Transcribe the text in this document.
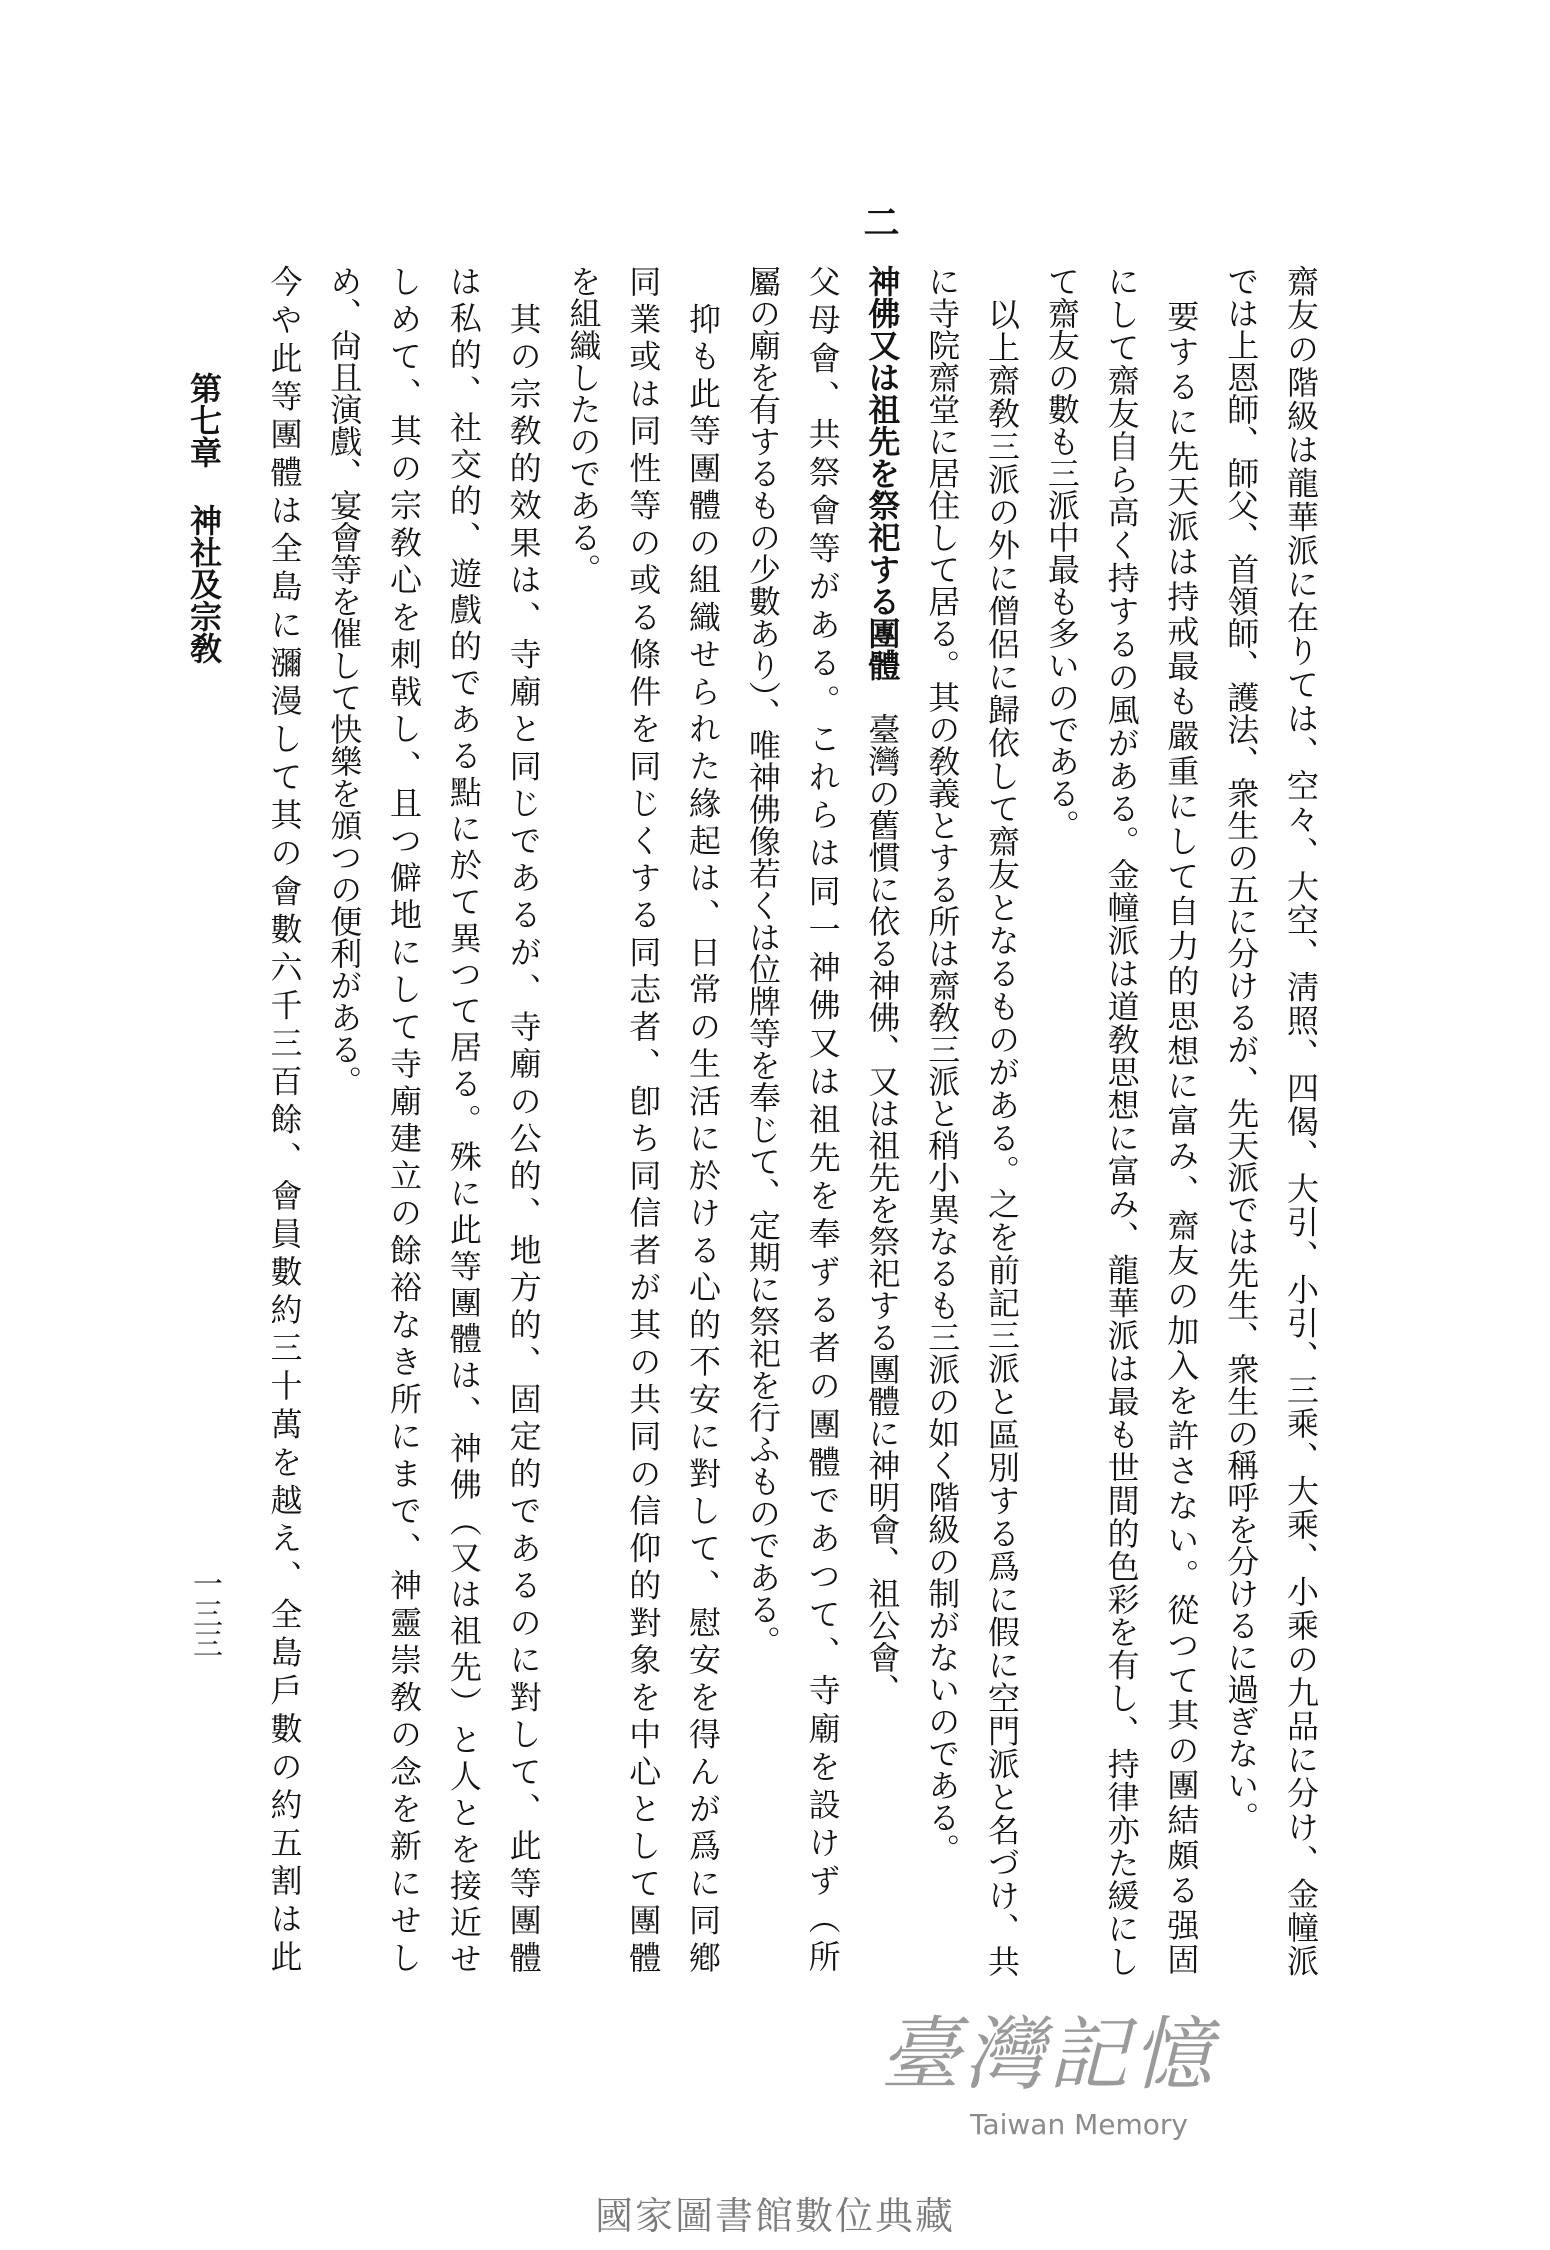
齋友の階級は龍華派に在りては、空々、大空、淸照、四偈、大引、小引、三乘、大乘、小乘の九品に分け、金幢派
では上恩師、師父、首領師、護法、衆生の五に分けるが、先天派では先生、衆生の稱呼を分けるに過ぎない。
　要するに先天派は持戒最も嚴重にして自力的思想に富み、齋友の加入を許さない。從つて其の團結頗る强固
にして齋友自ら高く持するの風がある。金幢派は道敎思想に富み、龍華派は最も世間的色彩を有し、持律亦た緩にし
て齋友の數も三派中最も多いのである。
　以上齋敎三派の外に僧侶に歸依して齋友となるものがある。之を前記三派と區別する爲に假に空門派と名づけ、共
に寺院齋堂に居住して居る。其の敎義とする所は齋敎三派と稍小異なるも三派の如く階級の制がないのである。
二
神佛又は祖先を祭祀する團體　臺灣の舊慣に依る神佛、又は祖先を祭祀する團體に神明會、祖公會、
父母會、共祭會等がある。これらは同一神佛又は祖先を奉ずる者の團體であつて、寺廟を設けず（所
屬の廟を有するもの少數あり）、唯神佛像若くは位牌等を奉じて、定期に祭祀を行ふものである。
　抑も此等團體の組織せられた緣起は、日常の生活に於ける心的不安に對して、慰安を得んが爲に同鄕
同業或は同性等の或る條件を同じくする同志者、卽ち同信者が其の共同の信仰的對象を中心として團體
を組織したのである。
　其の宗敎的效果は、寺廟と同じであるが、寺廟の公的、地方的、固定的であるのに對して、此等團體
は私的、社交的、遊戲的である點に於て異つて居る。殊に此等團體は、神佛（又は祖先）と人とを接近せ
しめて、其の宗敎心を刺戟し、且つ僻地にして寺廟建立の餘裕なき所にまで、神靈崇敎の念を新にせし
め、尙且演戲、宴會等を催して快樂を頒つの便利がある。
今や此等團體は全島に瀰漫して其の會數六千三百餘、會員數約三十萬を越え、全島戶數の約五割は此
第七章神社及宗敎
一三三
臺灣記憶
Taiwan Memory
國家圖書館數位典藏
